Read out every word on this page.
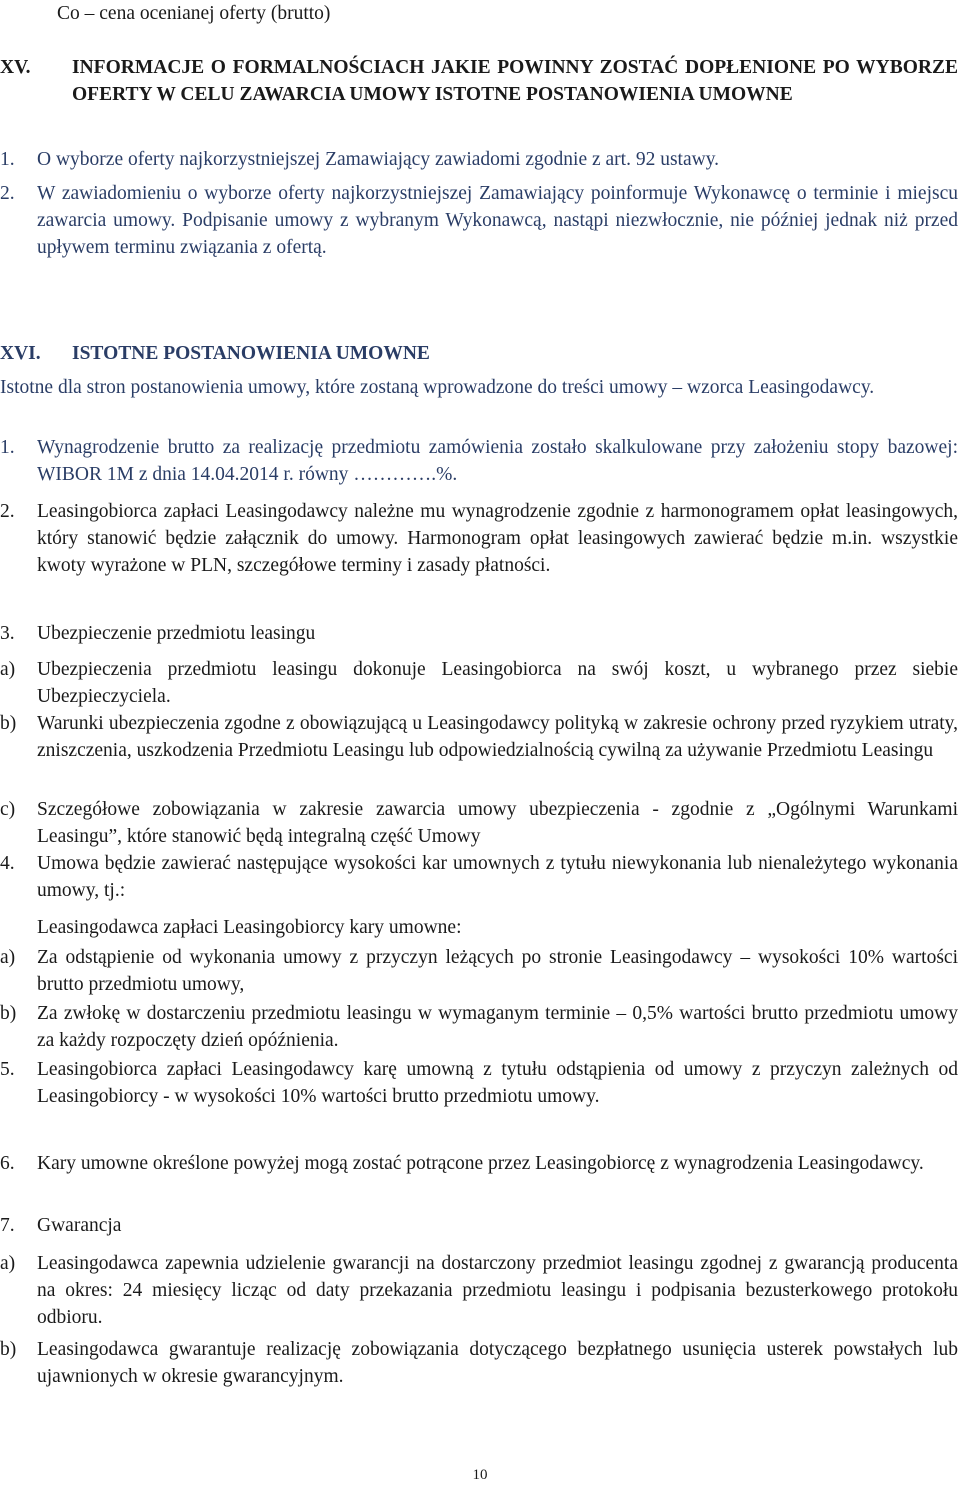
Co – cena ocenianej oferty (brutto)
XV.	INFORMACJE O FORMALNOŚCIACH JAKIE POWINNY ZOSTAĆ DOPŁENIONE PO WYBORZE OFERTY W CELU ZAWARCIA UMOWY ISTOTNE POSTANOWIENIA UMOWNE
1.	O wyborze oferty najkorzystniejszej Zamawiający zawiadomi zgodnie z art. 92 ustawy.
2.	W zawiadomieniu o wyborze oferty najkorzystniejszej Zamawiający poinformuje Wykonawcę o terminie i miejscu zawarcia umowy. Podpisanie umowy z wybranym Wykonawcą, nastąpi niezwłocznie, nie później jednak niż przed upływem terminu związania z ofertą.
XVI.	ISTOTNE POSTANOWIENIA UMOWNE
Istotne dla stron postanowienia umowy, które zostaną wprowadzone do treści umowy – wzorca Leasingodawcy.
1.	Wynagrodzenie brutto za realizację przedmiotu zamówienia zostało skalkulowane przy założeniu stopy bazowej: WIBOR 1M z dnia 14.04.2014 r. równy ………….%.
2.	Leasingobiorca zapłaci Leasingodawcy należne mu wynagrodzenie zgodnie z harmonogramem opłat leasingowych, który stanowić będzie załącznik do umowy. Harmonogram opłat leasingowych zawierać będzie m.in. wszystkie kwoty wyrażone w PLN, szczegółowe terminy i zasady płatności.
3.	Ubezpieczenie przedmiotu leasingu
a)	Ubezpieczenia przedmiotu leasingu dokonuje Leasingobiorca na swój koszt, u wybranego przez siebie Ubezpieczyciela.
b)	Warunki ubezpieczenia zgodne z obowiązującą u Leasingodawcy polityką w zakresie ochrony przed ryzykiem utraty, zniszczenia, uszkodzenia Przedmiotu Leasingu lub odpowiedzialnością cywilną za używanie Przedmiotu Leasingu
c)	Szczegółowe zobowiązania w zakresie zawarcia umowy ubezpieczenia - zgodnie z „Ogólnymi Warunkami Leasingu”, które stanowić będą integralną część Umowy
4.	Umowa będzie zawierać następujące wysokości kar umownych z tytułu niewykonania lub nienależytego wykonania umowy, tj.:
Leasingodawca zapłaci Leasingobiorcy kary umowne:
a)	Za odstąpienie od wykonania umowy z przyczyn leżących po stronie Leasingodawcy – wysokości 10% wartości brutto przedmiotu umowy,
b)	Za zwłokę w dostarczeniu przedmiotu leasingu w wymaganym terminie – 0,5% wartości brutto przedmiotu umowy za każdy rozpoczęty dzień opóźnienia.
5.	Leasingobiorca zapłaci Leasingodawcy karę umowną z tytułu odstąpienia od umowy z przyczyn zależnych od Leasingobiorcy - w wysokości 10% wartości brutto przedmiotu umowy.
6.	Kary umowne określone powyżej mogą zostać potrącone przez Leasingobiorcę z wynagrodzenia Leasingodawcy.
7.	Gwarancja
a)	Leasingodawca zapewnia udzielenie gwarancji na dostarczony przedmiot leasingu zgodnej z gwarancją producenta na okres: 24 miesięcy licząc od daty przekazania przedmiotu leasingu i podpisania bezusterkowego protokołu odbioru.
b)	Leasingodawca gwarantuje realizację zobowiązania dotyczącego bezpłatnego usunięcia usterek powstałych lub ujawnionych w okresie gwarancyjnym.
10
